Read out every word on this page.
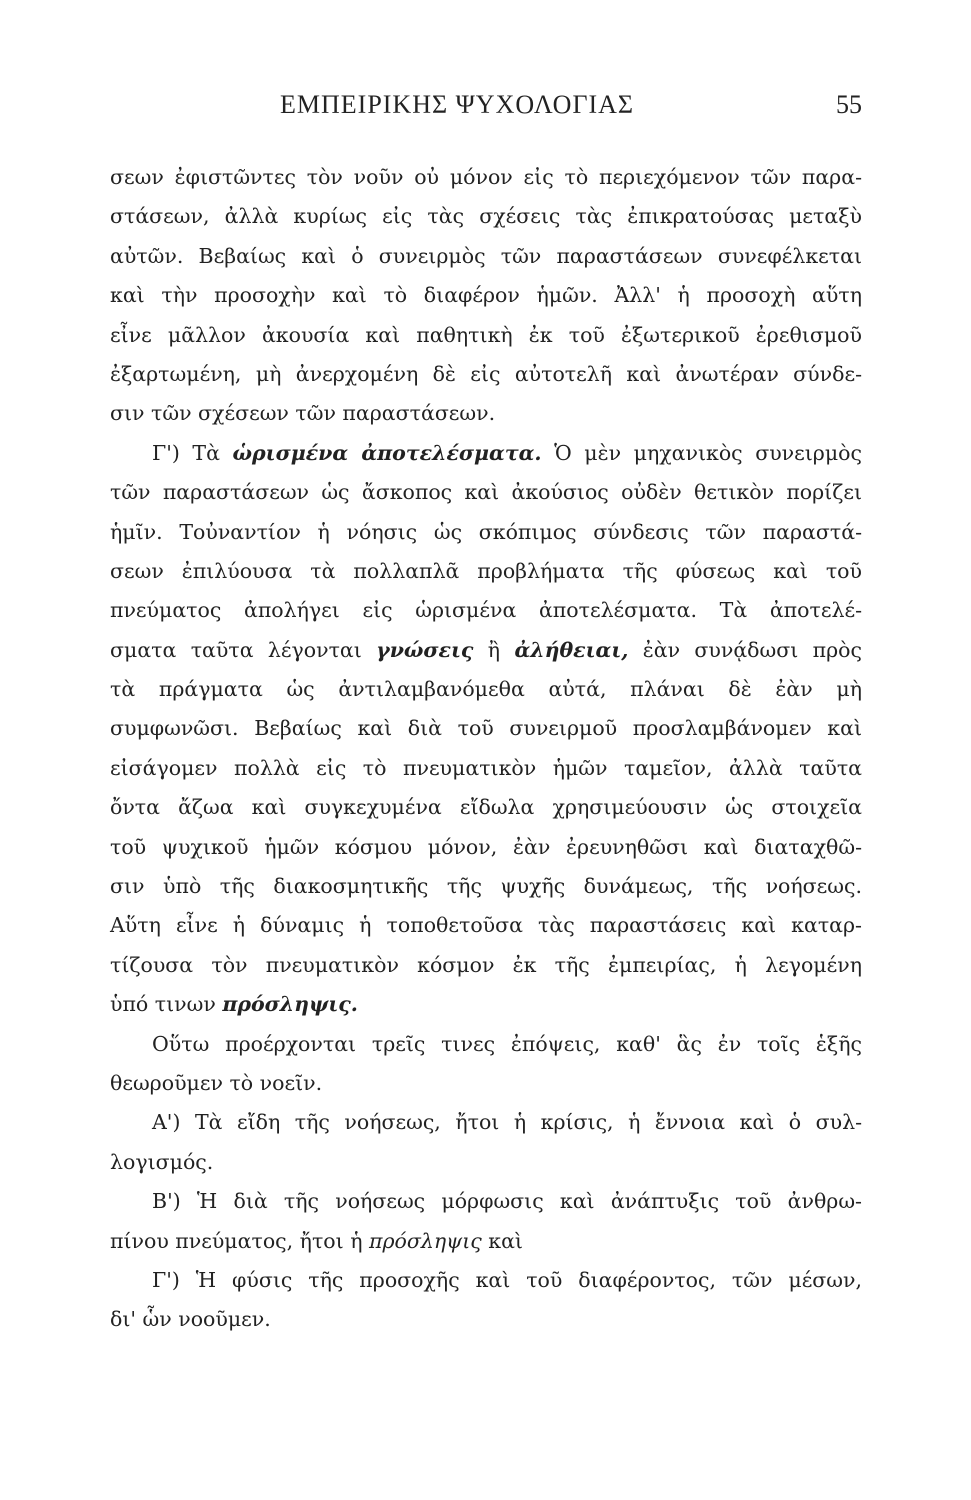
ΕΜΠΕΙΡΙΚΗΣ ΨΥΧΟΛΟΓΙΑΣ	55
σεων ἐφιστῶντες τὸν νοῦν οὐ μόνον εἰς τὸ περιεχόμενον τῶν παρα-
στάσεων, ἀλλὰ κυρίως εἰς τὰς σχέσεις τὰς ἐπικρατούσας μεταξὺ
αὐτῶν. Βεβαίως καὶ ὁ συνειρμὸς τῶν παραστάσεων συνεφέλκεται
καὶ τὴν προσοχὴν καὶ τὸ διαφέρον ἡμῶν. Ἀλλ' ἡ προσοχὴ αὕτη
εἶνε μᾶλλον ἀκουσία καὶ παθητικὴ ἐκ τοῦ ἐξωτερικοῦ ἐρεθισμοῦ
ἐξαρτωμένη, μὴ ἀνερχομένη δὲ εἰς αὐτοτελῆ καὶ ἀνωτέραν σύνδε-
σιν τῶν σχέσεων τῶν παραστάσεων.
Γ') Τὰ ὡρισμένα ἀποτελέσματα. Ὁ μὲν μηχανικὸς συνειρμὸς
τῶν παραστάσεων ὡς ἄσκοπος καὶ ἀκούσιος οὐδὲν θετικὸν πορίζει
ἡμῖν. Τοὐναντίον ἡ νόησις ὡς σκόπιμος σύνδεσις τῶν παραστά-
σεων ἐπιλύουσα τὰ πολλαπλᾶ προβλήματα τῆς φύσεως καὶ τοῦ
πνεύματος ἀπολήγει εἰς ὡρισμένα ἀποτελέσματα. Τὰ ἀποτελέ-
σματα ταῦτα λέγονται γνώσεις ἢ ἀλήθειαι, ἐὰν συνᾴδωσι πρὸς
τὰ πράγματα ὡς ἀντιλαμβανόμεθα αὐτά, πλάναι δὲ ἐὰν μὴ
συμφωνῶσι. Βεβαίως καὶ διὰ τοῦ συνειρμοῦ προσλαμβάνομεν καὶ
εἰσάγομεν πολλὰ εἰς τὸ πνευματικὸν ἡμῶν ταμεῖον, ἀλλὰ ταῦτα
ὄντα ἄζωα καὶ συγκεχυμένα εἴδωλα χρησιμεύουσιν ὡς στοιχεῖα
τοῦ ψυχικοῦ ἡμῶν κόσμου μόνον, ἐὰν ἐρευνηθῶσι καὶ διαταχθῶ-
σιν ὑπὸ τῆς διακοσμητικῆς τῆς ψυχῆς δυνάμεως, τῆς νοήσεως.
Αὕτη εἶνε ἡ δύναμις ἡ τοποθετοῦσα τὰς παραστάσεις καὶ καταρ-
τίζουσα τὸν πνευματικὸν κόσμον ἐκ τῆς ἐμπειρίας, ἡ λεγομένη
ὑπό τινων πρόσληψις.
Οὕτω προέρχονται τρεῖς τινες ἐπόψεις, καθ' ἃς ἐν τοῖς ἑξῆς
θεωροῦμεν τὸ νοεῖν.
Α') Τὰ εἴδη τῆς νοήσεως, ἤτοι ἡ κρίσις, ἡ ἔννοια καὶ ὁ συλ-
λογισμός.
Β') Ἡ διὰ τῆς νοήσεως μόρφωσις καὶ ἀνάπτυξις τοῦ ἀνθρω-
πίνου πνεύματος, ἤτοι ἡ πρόσληψις καὶ
Γ') Ἡ φύσις τῆς προσοχῆς καὶ τοῦ διαφέροντος, τῶν μέσων,
δι' ὧν νοοῦμεν.
